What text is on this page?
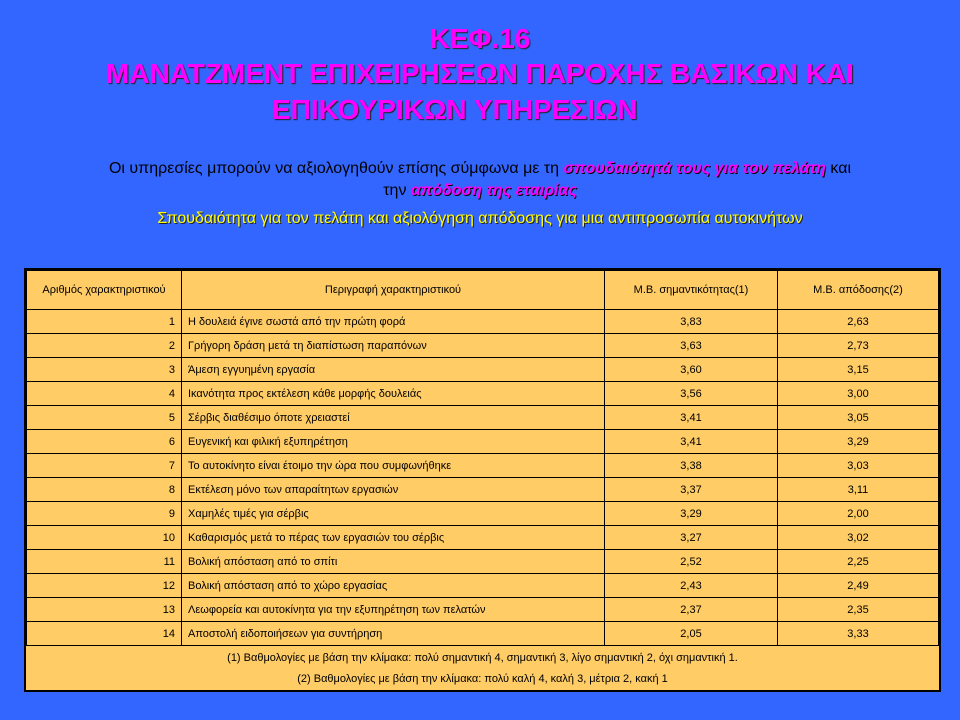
ΚΕΦ.16
ΜΑΝΑΤΖΜΕΝΤ ΕΠΙΧΕΙΡΗΣΕΩΝ ΠΑΡΟΧΗΣ ΒΑΣΙΚΩΝ ΚΑΙ
ΕΠΙΚΟΥΡΙΚΩΝ ΥΠΗΡΕΣΙΩΝ
Οι υπηρεσίες μπορούν να αξιολογηθούν επίσης σύμφωνα με τη σπουδαιότητά τους για τον πελάτη και
την απόδοση της εταιρίας
Σπουδαιότητα για τον πελάτη και αξιολόγηση απόδοσης για μια αντιπροσωπία αυτοκινήτων
Αριθμός χαρακτηριστικού	Περιγραφή χαρακτηριστικού	Μ.Β. σημαντικότητας(1)	Μ.Β. απόδοσης(2)
1	Η δουλειά έγινε σωστά από την πρώτη φορά	3,83	2,63
2	Γρήγορη δράση μετά τη διαπίστωση παραπόνων	3,63	2,73
3	Άμεση εγγυημένη εργασία	3,60	3,15
4	Ικανότητα προς εκτέλεση κάθε μορφής δουλειάς	3,56	3,00
5	Σέρβις διαθέσιμο όποτε χρειαστεί	3,41	3,05
6	Ευγενική και φιλική εξυπηρέτηση	3,41	3,29
7	Το αυτοκίνητο είναι έτοιμο την ώρα που συμφωνήθηκε	3,38	3,03
8	Εκτέλεση μόνο των απαραίτητων εργασιών	3,37	3,11
9	Χαμηλές τιμές για σέρβις	3,29	2,00
10	Καθαρισμός μετά το πέρας των εργασιών του σέρβις	3,27	3,02
11	Βολική απόσταση από το σπίτι	2,52	2,25
12	Βολική απόσταση από το χώρο εργασίας	2,43	2,49
13	Λεωφορεία και αυτοκίνητα για την εξυπηρέτηση των πελατών	2,37	2,35
14	Αποστολή ειδοποιήσεων για συντήρηση	2,05	3,33
(1) Βαθμολογίες με βάση την κλίμακα: πολύ σημαντική 4, σημαντική 3, λίγο σημαντική 2, όχι σημαντική 1.
(2) Βαθμολογίες με βάση την κλίμακα: πολύ καλή 4, καλή 3, μέτρια 2, κακή 1
